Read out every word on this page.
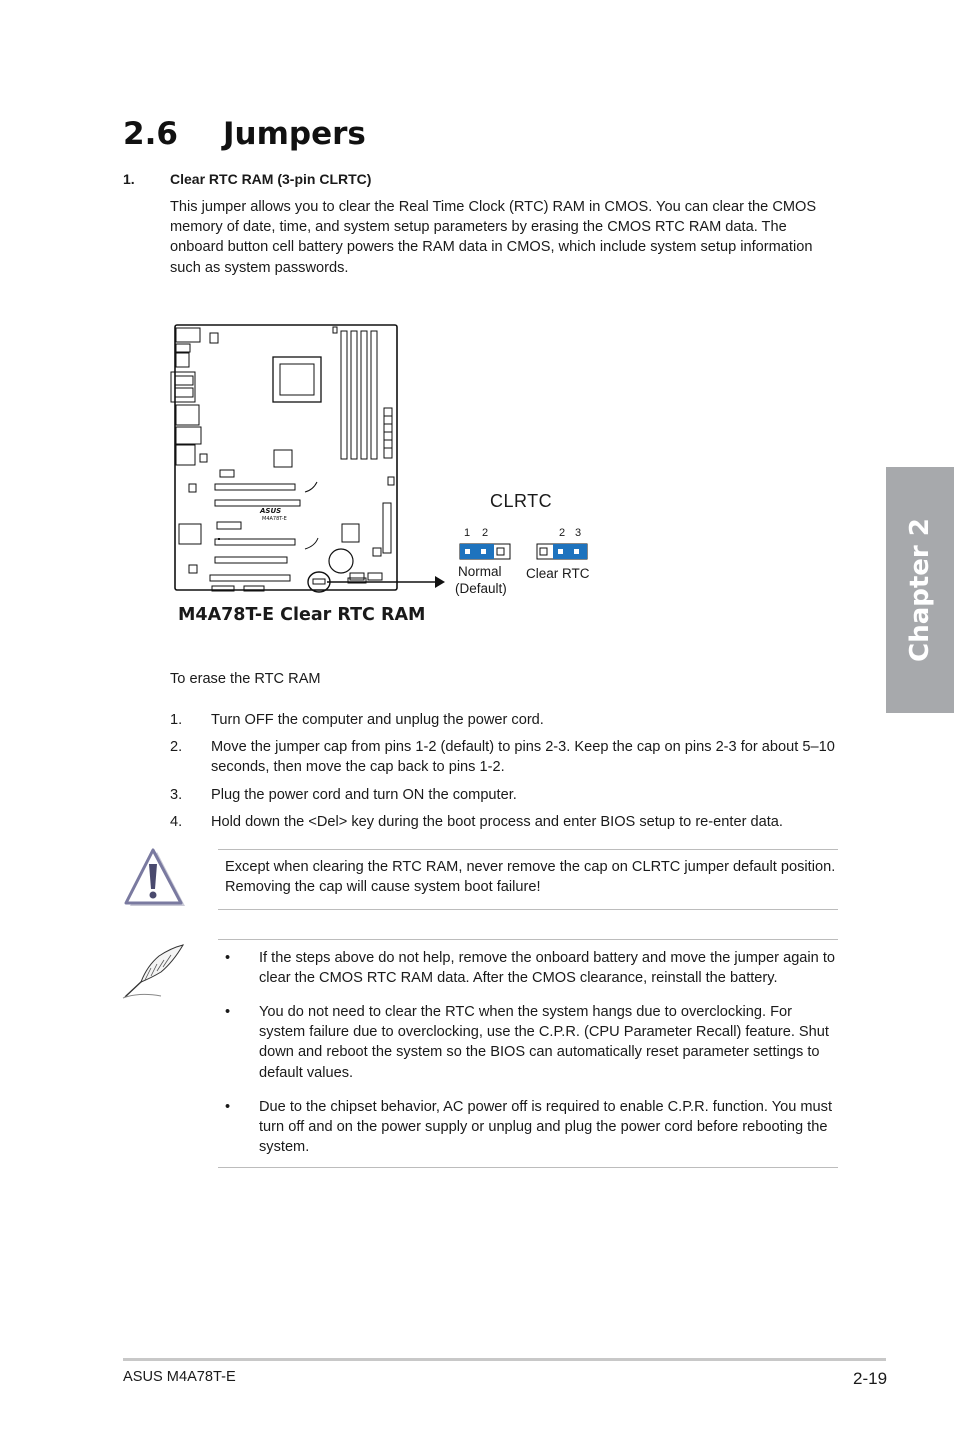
2.6 Jumpers
1.	Clear RTC RAM (3-pin CLRTC)
This jumper allows you to clear the Real Time Clock (RTC) RAM in CMOS. You can clear the CMOS memory of date, time, and system setup parameters by erasing the CMOS RTC RAM data. The onboard button cell battery powers the RAM data in CMOS, which include system setup information such as system passwords.
ASUS
M4A78T-E
CLRTC
1 2	2 3
Normal
(Default)
Clear RTC
M4A78T-E Clear RTC RAM
To erase the RTC RAM
1. Turn OFF the computer and unplug the power cord.
2. Move the jumper cap from pins 1-2 (default) to pins 2-3. Keep the cap on pins 2-3 for about 5–10 seconds, then move the cap back to pins 1-2.
3. Plug the power cord and turn ON the computer.
4. Hold down the <Del> key during the boot process and enter BIOS setup to re-enter data.
Except when clearing the RTC RAM, never remove the cap on CLRTC jumper default position. Removing the cap will cause system boot failure!
• If the steps above do not help, remove the onboard battery and move the jumper again to clear the CMOS RTC RAM data. After the CMOS clearance, reinstall the battery.
• You do not need to clear the RTC when the system hangs due to overclocking. For system failure due to overclocking, use the C.P.R. (CPU Parameter Recall) feature. Shut down and reboot the system so the BIOS can automatically reset parameter settings to default values.
• Due to the chipset behavior, AC power off is required to enable C.P.R. function. You must turn off and on the power supply or unplug and plug the power cord before rebooting the system.
Chapter 2
ASUS M4A78T-E	2-19
